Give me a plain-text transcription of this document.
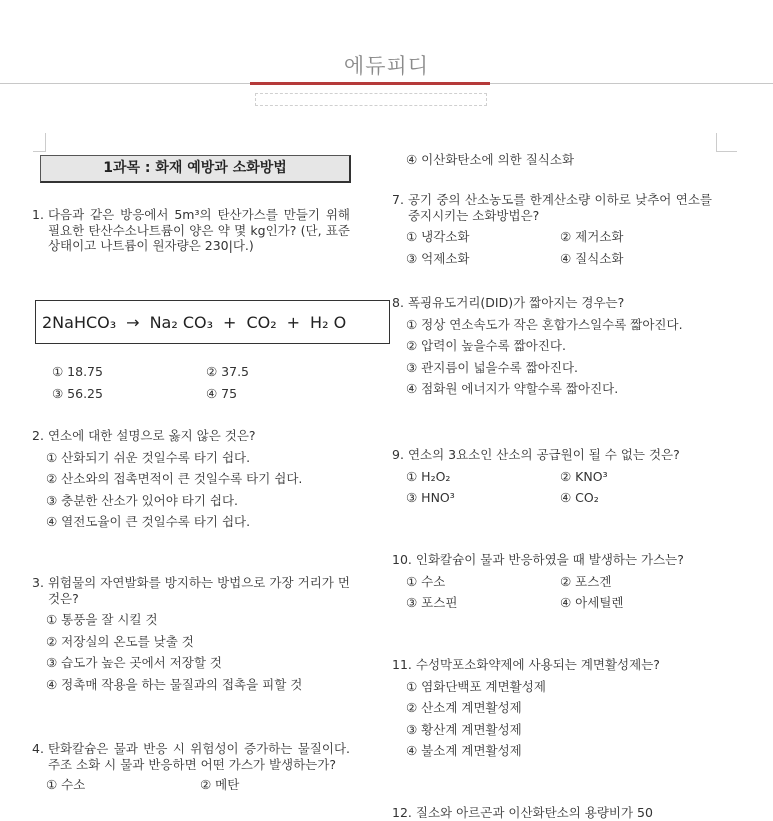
에듀피디
1과목 : 화재 예방과 소화방법
1. 다음과 같은 방응에서 5m³의 탄산가스를 만들기 위해 필요한 탄산수소나트륨이 양은 약 몇 kg인가? (단, 표준 상태이고 나트륨이 원자량은 230|다.)
2NaHCO₃ → Na₂ CO₃ + CO₂ + H₂ O
① 18.75	② 37.5
③ 56.25	④ 75
2. 연소에 대한 설명으로 옳지 않은 것은?
① 산화되기 쉬운 것일수록 타기 쉽다.
② 산소와의 접촉면적이 큰 것일수록 타기 쉽다.
③ 충분한 산소가 있어야 타기 쉽다.
④ 열전도율이 큰 것일수록 타기 쉽다.
3. 위험물의 자연발화를 방지하는 방법으로 가장 거리가 먼 것은?
① 통풍을 잘 시킬 것
② 저장실의 온도를 낮출 것
③ 습도가 높은 곳에서 저장할 것
④ 정촉매 작용을 하는 물질과의 접촉을 피할 것
4. 탄화칼슘은 물과 반응 시 위험성이 증가하는 물질이다. 주조 소화 시 물과 반응하면 어떤 가스가 발생하는가?
① 수소	② 메탄
④ 이산화탄소에 의한 질식소화
7. 공기 중의 산소농도를 한계산소량 이하로 낮추어 연소를 중지시키는 소화방법은?
① 냉각소화	② 제거소화
③ 억제소화	④ 질식소화
8. 폭굉유도거리(DID)가 짧아지는 경우는?
① 정상 연소속도가 작은 혼합가스일수록 짧아진다.
② 압력이 높을수록 짧아진다.
③ 관지름이 넓을수록 짧아진다.
④ 점화원 에너지가 약할수록 짧아진다.
9. 연소의 3요소인 산소의 공급원이 될 수 없는 것은?
① H₂O₂	② KNO³
③ HNO³	④ CO₂
10. 인화칼슘이 물과 반응하였을 때 발생하는 가스는?
① 수소	② 포스겐
③ 포스핀	④ 아세틸렌
11. 수성막포소화약제에 사용되는 계면활성제는?
① 염화단백포 계면활성제
② 산소계 계면활성제
③ 황산계 계면활성제
④ 불소계 계면활성제
12. 질소와 아르곤과 이산화탄소의 용량비가 50
